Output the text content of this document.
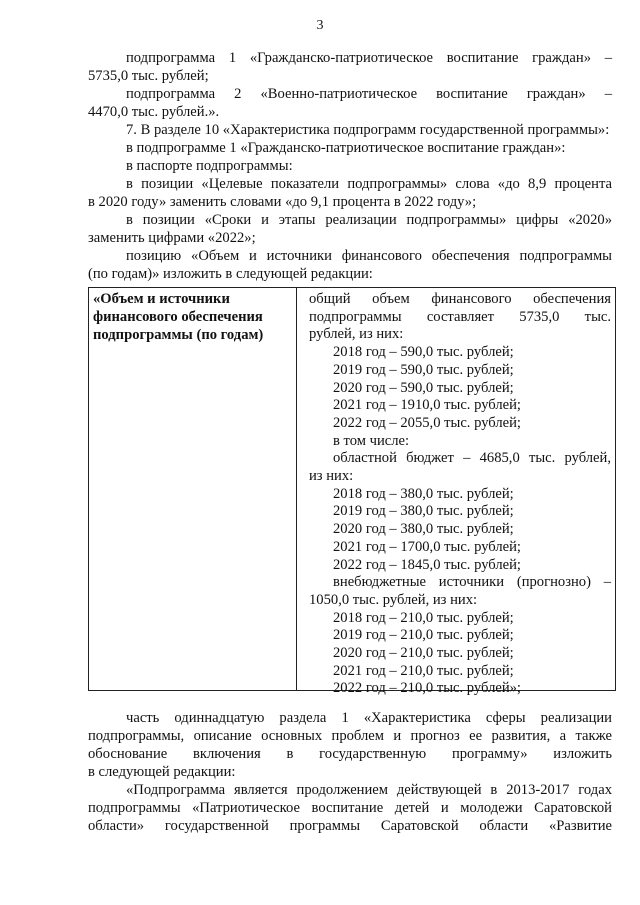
3
подпрограмма 1 «Гражданско-патриотическое воспитание граждан» –
5735,0 тыс. рублей;
подпрограмма 2 «Военно-патриотическое воспитание граждан» –
4470,0 тыс. рублей.».
7. В разделе 10 «Характеристика подпрограмм государственной программы»:
в подпрограмме 1 «Гражданско-патриотическое воспитание граждан»:
в паспорте подпрограммы:
в позиции «Целевые показатели подпрограммы» слова «до 8,9 процента
в 2020 году» заменить словами «до 9,1 процента в 2022 году»;
в позиции «Сроки и этапы реализации подпрограммы» цифры «2020»
заменить цифрами «2022»;
позицию «Объем и источники финансового обеспечения подпрограммы
(по годам)» изложить в следующей редакции:
«Объем и источники финансового обеспечения подпрограммы (по годам)
общий объем финансового обеспечения
подпрограммы составляет 5735,0 тыс.
рублей, из них:
2018 год – 590,0 тыс. рублей;
2019 год – 590,0 тыс. рублей;
2020 год – 590,0 тыс. рублей;
2021 год – 1910,0 тыс. рублей;
2022 год – 2055,0 тыс. рублей;
в том числе:
областной бюджет – 4685,0 тыс. рублей,
из них:
2018 год – 380,0 тыс. рублей;
2019 год – 380,0 тыс. рублей;
2020 год – 380,0 тыс. рублей;
2021 год – 1700,0 тыс. рублей;
2022 год – 1845,0 тыс. рублей;
внебюджетные источники (прогнозно) –
1050,0 тыс. рублей, из них:
2018 год – 210,0 тыс. рублей;
2019 год – 210,0 тыс. рублей;
2020 год – 210,0 тыс. рублей;
2021 год – 210,0 тыс. рублей;
2022 год – 210,0 тыс. рублей»;
часть одиннадцатую раздела 1 «Характеристика сферы реализации
подпрограммы, описание основных проблем и прогноз ее развития, а также
обоснование включения в государственную программу» изложить
в следующей редакции:
«Подпрограмма является продолжением действующей в 2013-2017 годах
подпрограммы «Патриотическое воспитание детей и молодежи Саратовской
области» государственной программы Саратовской области «Развитие
